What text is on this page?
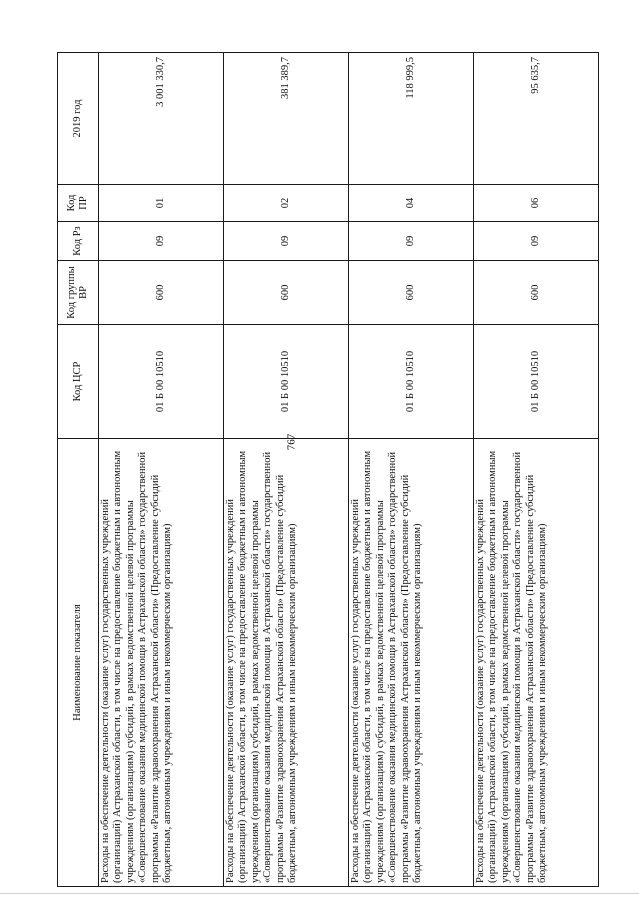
767
Наименование показателя	Код ЦСР	Код группы ВР	Код Рз	Код ПР	2019 год
Расходы на обеспечение деятельности (оказание услуг) государственных учреждений (организаций) Астраханской области, в том числе на предоставление бюджетным и автономным учреждениям (организациям) субсидий, в рамках ведомственной целевой программы «Совершенствование оказания медицинской помощи в Астраханской области» государственной программы «Развитие здравоохранения Астраханской области» (Предоставление субсидий бюджетным, автономным учреждениям и иным некоммерческим организациям)	01 Б 00 10510	600	09	01	3 001 330,7
Расходы на обеспечение деятельности (оказание услуг) государственных учреждений (организаций) Астраханской области, в том числе на предоставление бюджетным и автономным учреждениям (организациям) субсидий, в рамках ведомственной целевой программы «Совершенствование оказания медицинской помощи в Астраханской области» государственной программы «Развитие здравоохранения Астраханской области» (Предоставление субсидий бюджетным, автономным учреждениям и иным некоммерческим организациям)	01 Б 00 10510	600	09	02	381 389,7
Расходы на обеспечение деятельности (оказание услуг) государственных учреждений (организаций) Астраханской области, в том числе на предоставление бюджетным и автономным учреждениям (организациям) субсидий, в рамках ведомственной целевой программы «Совершенствование оказания медицинской помощи в Астраханской области» государственной программы «Развитие здравоохранения Астраханской области» (Предоставление субсидий бюджетным, автономным учреждениям и иным некоммерческим организациям)	01 Б 00 10510	600	09	04	118 999,5
Расходы на обеспечение деятельности (оказание услуг) государственных учреждений (организаций) Астраханской области, в том числе на предоставление бюджетным и автономным учреждениям (организациям) субсидий, в рамках ведомственной целевой программы «Совершенствование оказания медицинской помощи в Астраханской области» государственной программы «Развитие здравоохранения Астраханской области» (Предоставление субсидий бюджетным, автономным учреждениям и иным некоммерческим организациям)	01 Б 00 10510	600	09	06	95 635,7
